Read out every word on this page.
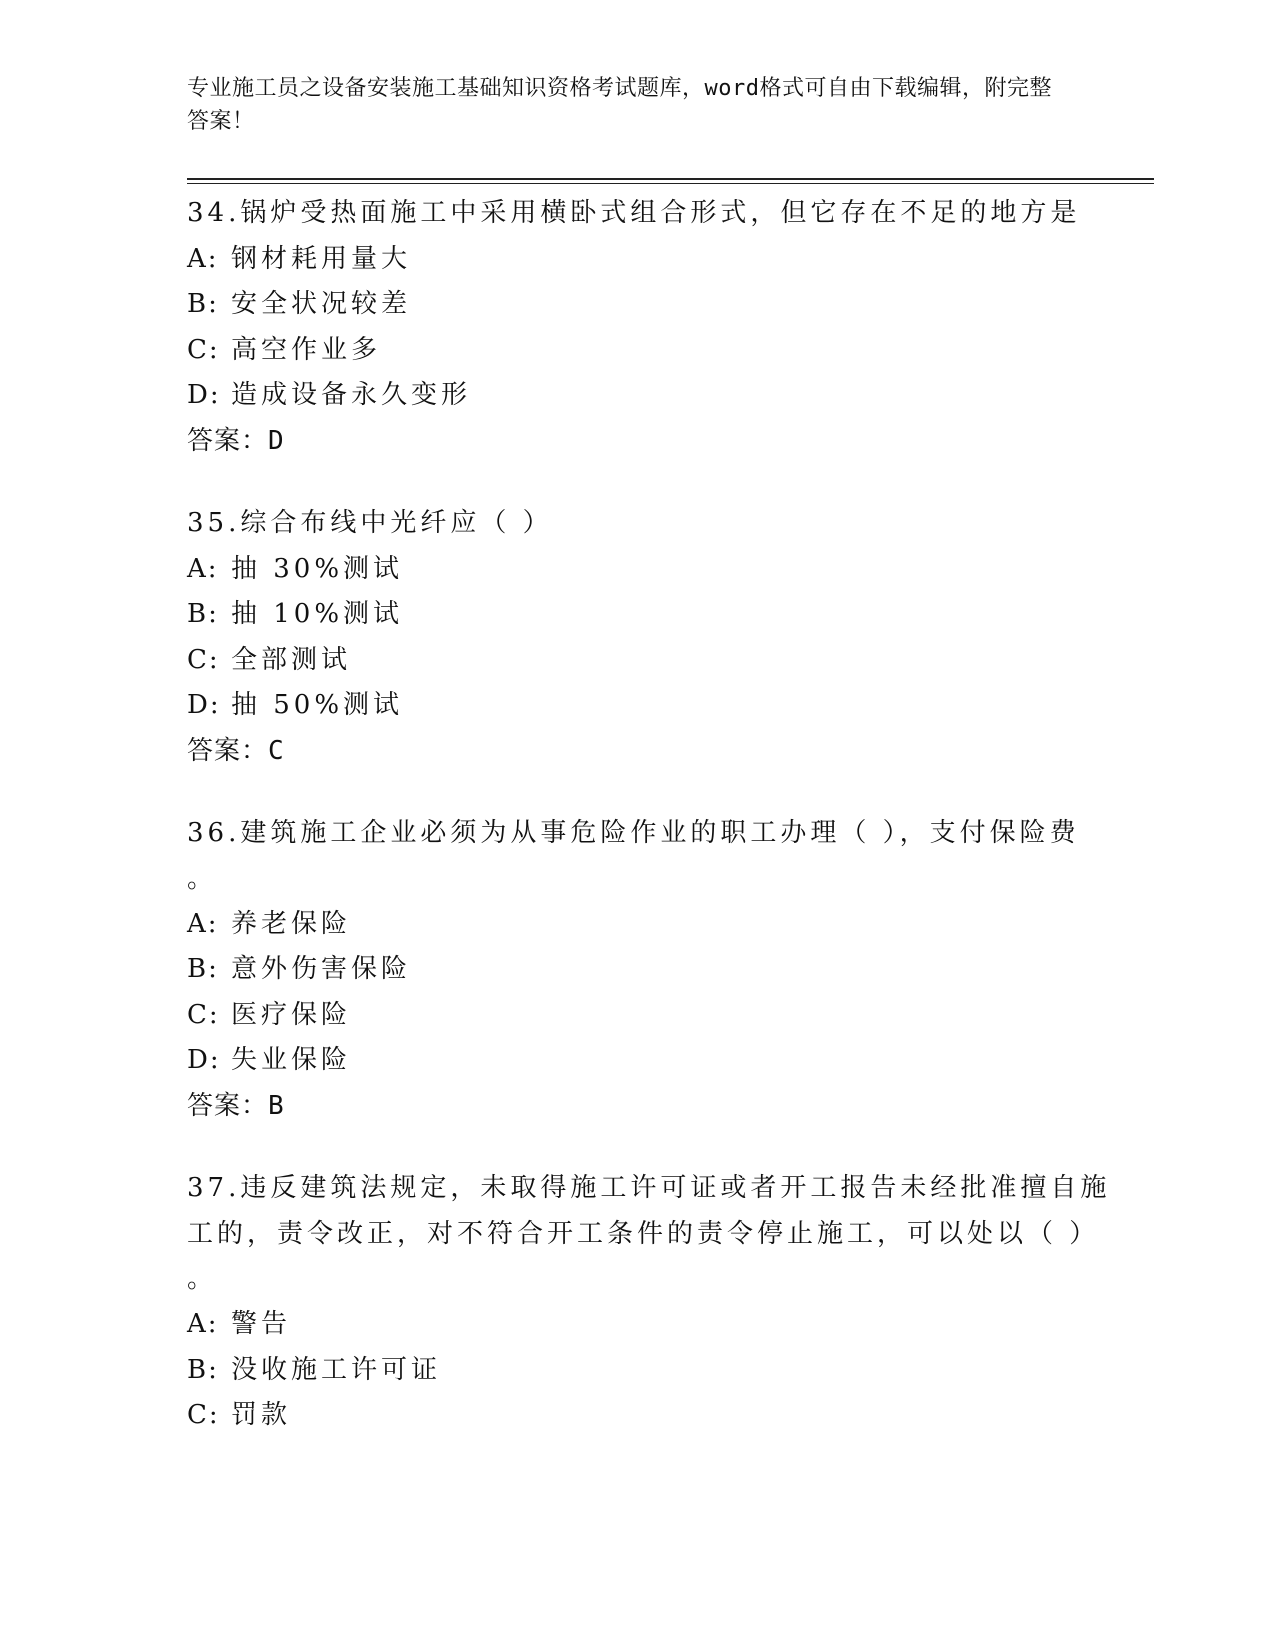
专业施工员之设备安装施工基础知识资格考试题库，word格式可自由下载编辑，附完整答案！
34.锅炉受热面施工中采用横卧式组合形式，但它存在不足的地方是
A: 钢材耗用量大
B: 安全状况较差
C: 高空作业多
D: 造成设备永久变形
答案：D
35.综合布线中光纤应（ ）
A: 抽 30%测试
B: 抽 10%测试
C: 全部测试
D: 抽 50%测试
答案：C
36.建筑施工企业必须为从事危险作业的职工办理（ ），支付保险费
。
A: 养老保险
B: 意外伤害保险
C: 医疗保险
D: 失业保险
答案：B
37.违反建筑法规定，未取得施工许可证或者开工报告未经批准擅自施
工的，责令改正，对不符合开工条件的责令停止施工，可以处以（ ）
。
A: 警告
B: 没收施工许可证
C: 罚款
